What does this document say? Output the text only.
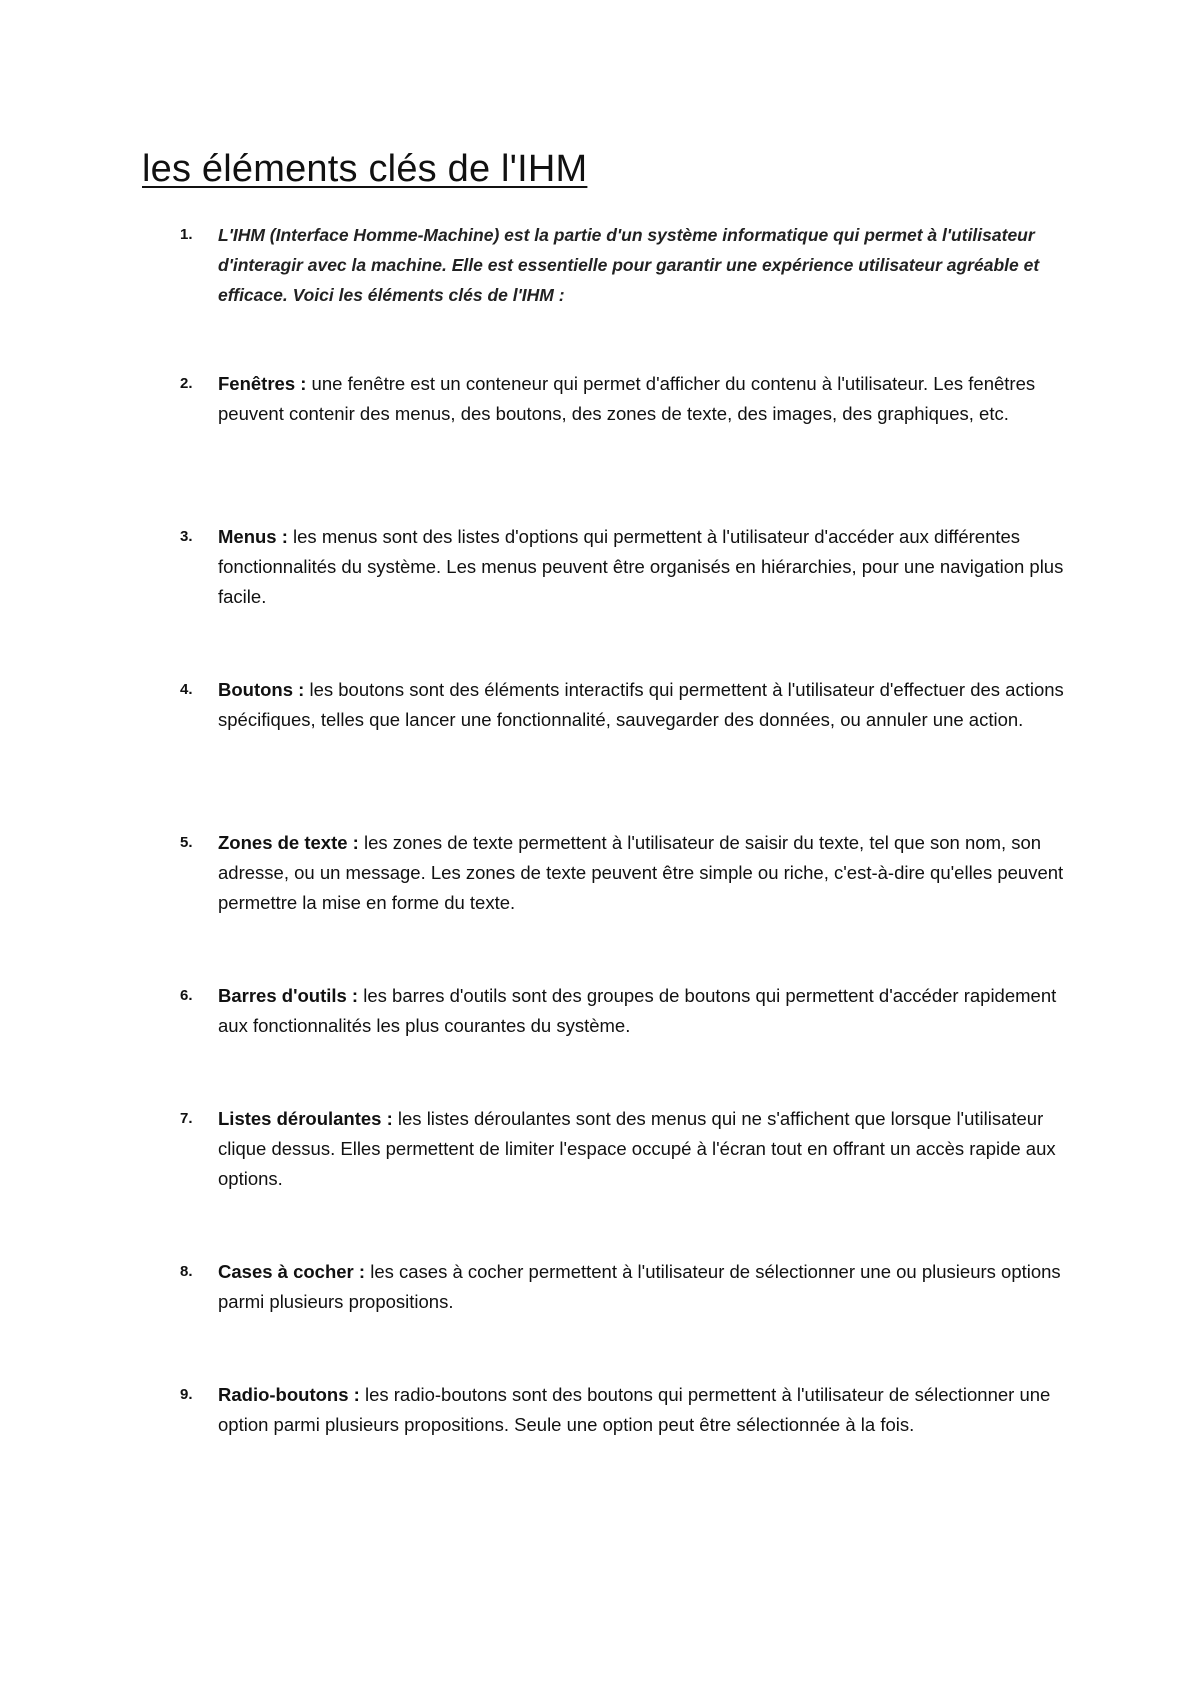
les éléments clés de l'IHM
1.	L'IHM (Interface Homme-Machine) est la partie d'un système informatique qui permet à l'utilisateur d'interagir avec la machine. Elle est essentielle pour garantir une expérience utilisateur agréable et efficace. Voici les éléments clés de l'IHM :
2.	Fenêtres : une fenêtre est un conteneur qui permet d'afficher du contenu à l'utilisateur. Les fenêtres peuvent contenir des menus, des boutons, des zones de texte, des images, des graphiques, etc.
3.	Menus : les menus sont des listes d'options qui permettent à l'utilisateur d'accéder aux différentes fonctionnalités du système. Les menus peuvent être organisés en hiérarchies, pour une navigation plus facile.
4.	Boutons : les boutons sont des éléments interactifs qui permettent à l'utilisateur d'effectuer des actions spécifiques, telles que lancer une fonctionnalité, sauvegarder des données, ou annuler une action.
5.	Zones de texte : les zones de texte permettent à l'utilisateur de saisir du texte, tel que son nom, son adresse, ou un message. Les zones de texte peuvent être simple ou riche, c'est-à-dire qu'elles peuvent permettre la mise en forme du texte.
6.	Barres d'outils : les barres d'outils sont des groupes de boutons qui permettent d'accéder rapidement aux fonctionnalités les plus courantes du système.
7.	Listes déroulantes : les listes déroulantes sont des menus qui ne s'affichent que lorsque l'utilisateur clique dessus. Elles permettent de limiter l'espace occupé à l'écran tout en offrant un accès rapide aux options.
8.	Cases à cocher : les cases à cocher permettent à l'utilisateur de sélectionner une ou plusieurs options parmi plusieurs propositions.
9.	Radio-boutons : les radio-boutons sont des boutons qui permettent à l'utilisateur de sélectionner une option parmi plusieurs propositions. Seule une option peut être sélectionnée à la fois.
